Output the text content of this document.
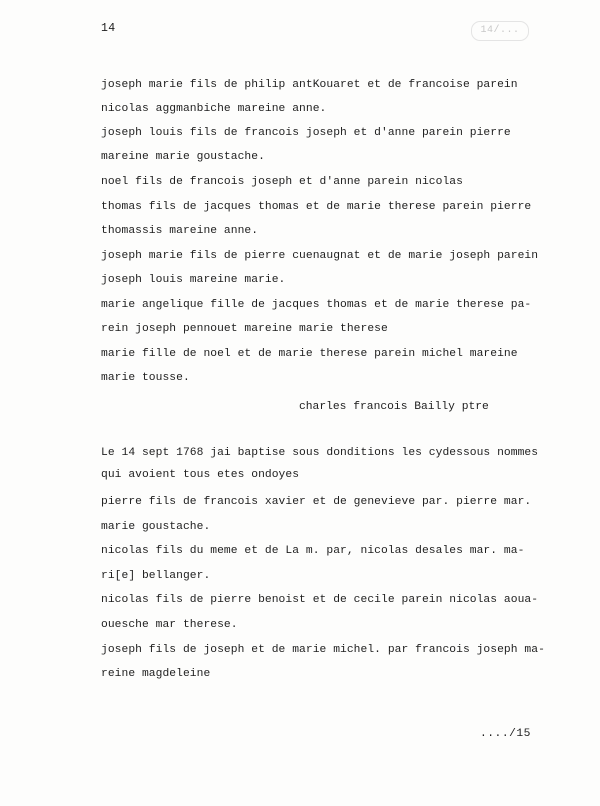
14	14/...
joseph marie fils de philip antKouaret et de francoise parein
nicolas aggmanbiche mareine anne.
joseph louis fils de francois joseph et d'anne parein pierre
mareine marie goustache.
noel fils de francois joseph et d'anne parein nicolas
thomas fils de jacques thomas et de marie therese parein pierre
thomassis mareine anne.
joseph marie fils de pierre cuenaugnat et de marie joseph parein
joseph louis mareine marie.
marie angelique fille de jacques thomas et de marie therese pa-
rein joseph pennouet mareine marie therese
marie fille de noel et de marie therese parein michel mareine
marie tousse.
charles francois Bailly ptre
Le 14 sept 1768 jai baptise sous donditions les cydessous nommes
qui avoient tous etes ondoyes
pierre fils de francois xavier et de genevieve par. pierre mar.
marie goustache.
nicolas fils du meme et de La m. par, nicolas desales mar. ma-
ri[e] bellanger.
nicolas fils de pierre benoist et de cecile parein nicolas aoua-
ouesche mar therese.
joseph fils de joseph et de marie michel. par francois joseph ma-
reine magdeleine
..../15
